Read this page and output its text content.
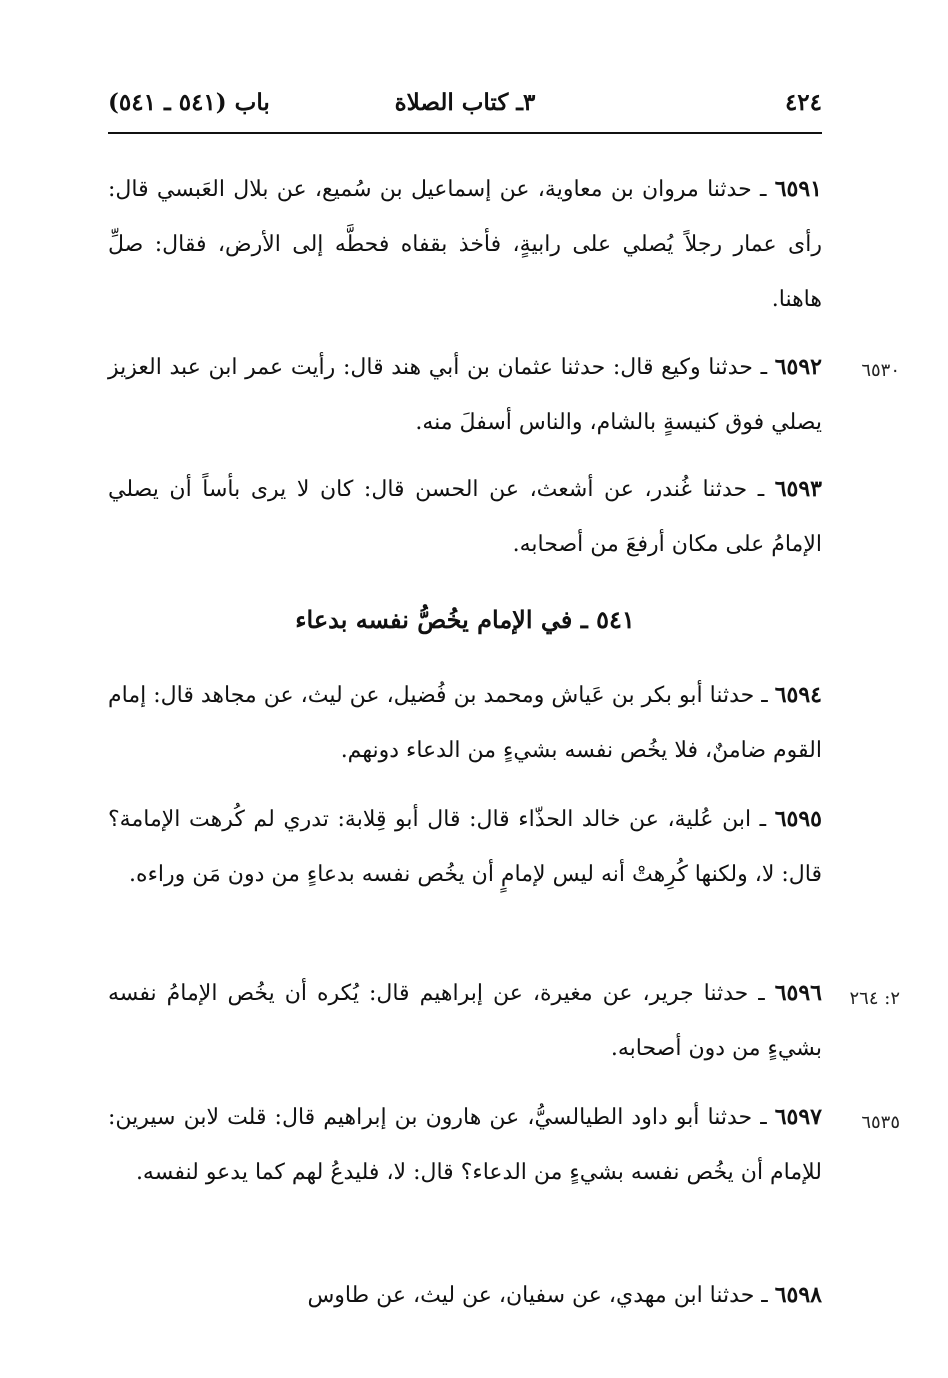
٤٢٤
٣ـ كتاب الصلاة
باب (٥٤١ ـ ٥٤١)

٦٥٩١ ـ حدثنا مروان بن معاوية، عن إسماعيل بن سُميع، عن بلال العَبسي قال: رأى عمار رجلاً يُصلي على رابيةٍ، فأخذ بقفاه فحطَّه إلى الأرض، فقال: صلِّ هاهنا.

٦٥٣٠

٦٥٩٢ ـ حدثنا وكيع قال: حدثنا عثمان بن أبي هند قال: رأيت عمر ابن عبد العزيز يصلي فوق كنيسةٍ بالشام، والناس أسفلَ منه.

٦٥٩٣ ـ حدثنا غُندر، عن أشعث، عن الحسن قال: كان لا يرى بأساً أن يصلي الإمامُ على مكان أرفعَ من أصحابه.

٥٤١ ـ في الإمام يخُصُّ نفسه بدعاء

٦٥٩٤ ـ حدثنا أبو بكر بن عَياش ومحمد بن فُضيل، عن ليث، عن مجاهد قال: إمام القوم ضامنٌ، فلا يخُص نفسه بشيءٍ من الدعاء دونهم.

٦٥٩٥ ـ ابن عُلية، عن خالد الحذّاء قال: قال أبو قِلابة: تدري لم كُرهت الإمامة؟ قال: لا، ولكنها كُرِهتْ أنه ليس لإمامٍ أن يخُص نفسه بدعاءٍ من دون مَن وراءه.

٢: ٢٦٤

٦٥٩٦ ـ حدثنا جرير، عن مغيرة، عن إبراهيم قال: يُكره أن يخُص الإمامُ نفسه بشيءٍ من دون أصحابه.

٦٥٣٥

٦٥٩٧ ـ حدثنا أبو داود الطيالسيُّ، عن هارون بن إبراهيم قال: قلت لابن سيرين: للإمام أن يخُص نفسه بشيءٍ من الدعاء؟ قال: لا، فليدعُ لهم كما يدعو لنفسه.

٦٥٩٨ ـ حدثنا ابن مهدي، عن سفيان، عن ليث، عن طاوس
